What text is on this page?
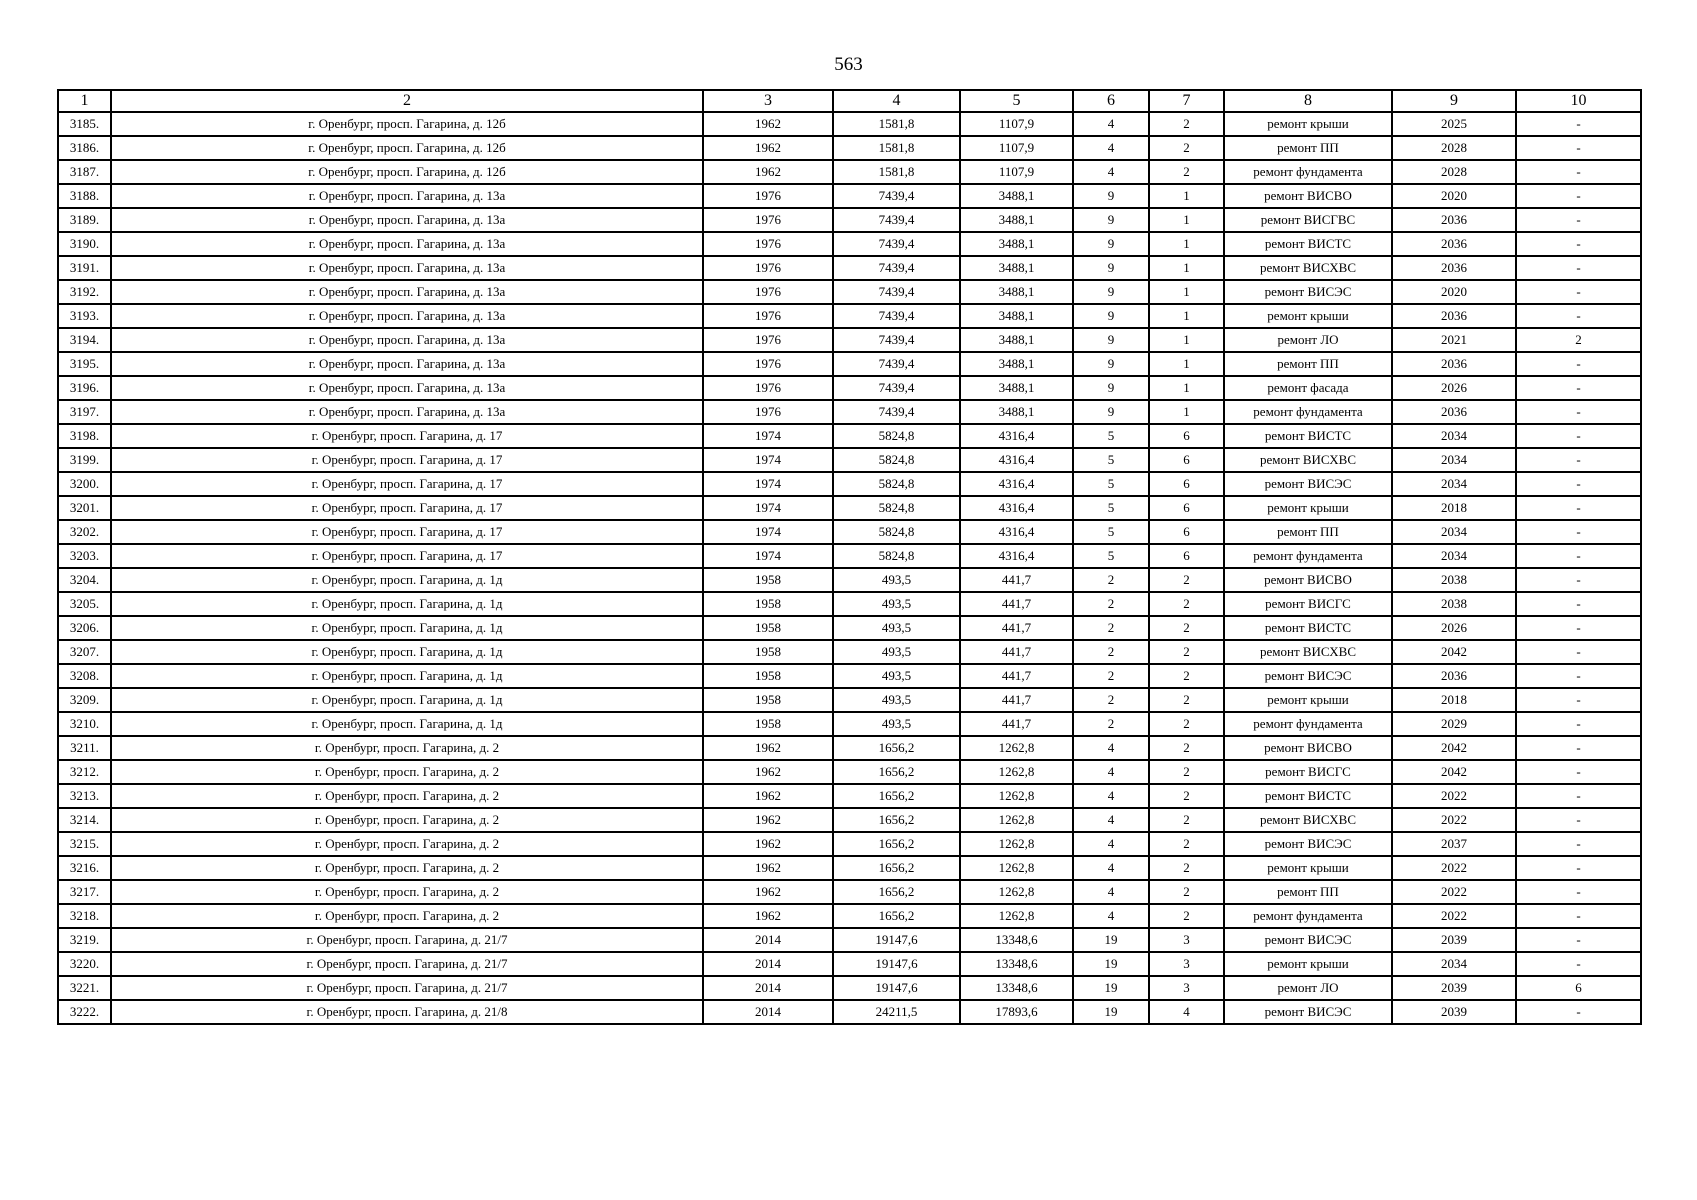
563
1	2	3	4	5	6	7	8	9	10
3185.	г. Оренбург, просп. Гагарина, д. 12б	1962	1581,8	1107,9	4	2	ремонт крыши	2025	-
3186.	г. Оренбург, просп. Гагарина, д. 12б	1962	1581,8	1107,9	4	2	ремонт ПП	2028	-
3187.	г. Оренбург, просп. Гагарина, д. 12б	1962	1581,8	1107,9	4	2	ремонт фундамента	2028	-
3188.	г. Оренбург, просп. Гагарина, д. 13а	1976	7439,4	3488,1	9	1	ремонт ВИСВО	2020	-
3189.	г. Оренбург, просп. Гагарина, д. 13а	1976	7439,4	3488,1	9	1	ремонт ВИСГВС	2036	-
3190.	г. Оренбург, просп. Гагарина, д. 13а	1976	7439,4	3488,1	9	1	ремонт ВИСТС	2036	-
3191.	г. Оренбург, просп. Гагарина, д. 13а	1976	7439,4	3488,1	9	1	ремонт ВИСХВС	2036	-
3192.	г. Оренбург, просп. Гагарина, д. 13а	1976	7439,4	3488,1	9	1	ремонт ВИСЭС	2020	-
3193.	г. Оренбург, просп. Гагарина, д. 13а	1976	7439,4	3488,1	9	1	ремонт крыши	2036	-
3194.	г. Оренбург, просп. Гагарина, д. 13а	1976	7439,4	3488,1	9	1	ремонт ЛО	2021	2
3195.	г. Оренбург, просп. Гагарина, д. 13а	1976	7439,4	3488,1	9	1	ремонт ПП	2036	-
3196.	г. Оренбург, просп. Гагарина, д. 13а	1976	7439,4	3488,1	9	1	ремонт фасада	2026	-
3197.	г. Оренбург, просп. Гагарина, д. 13а	1976	7439,4	3488,1	9	1	ремонт фундамента	2036	-
3198.	г. Оренбург, просп. Гагарина, д. 17	1974	5824,8	4316,4	5	6	ремонт ВИСТС	2034	-
3199.	г. Оренбург, просп. Гагарина, д. 17	1974	5824,8	4316,4	5	6	ремонт ВИСХВС	2034	-
3200.	г. Оренбург, просп. Гагарина, д. 17	1974	5824,8	4316,4	5	6	ремонт ВИСЭС	2034	-
3201.	г. Оренбург, просп. Гагарина, д. 17	1974	5824,8	4316,4	5	6	ремонт крыши	2018	-
3202.	г. Оренбург, просп. Гагарина, д. 17	1974	5824,8	4316,4	5	6	ремонт ПП	2034	-
3203.	г. Оренбург, просп. Гагарина, д. 17	1974	5824,8	4316,4	5	6	ремонт фундамента	2034	-
3204.	г. Оренбург, просп. Гагарина, д. 1д	1958	493,5	441,7	2	2	ремонт ВИСВО	2038	-
3205.	г. Оренбург, просп. Гагарина, д. 1д	1958	493,5	441,7	2	2	ремонт ВИСГС	2038	-
3206.	г. Оренбург, просп. Гагарина, д. 1д	1958	493,5	441,7	2	2	ремонт ВИСТС	2026	-
3207.	г. Оренбург, просп. Гагарина, д. 1д	1958	493,5	441,7	2	2	ремонт ВИСХВС	2042	-
3208.	г. Оренбург, просп. Гагарина, д. 1д	1958	493,5	441,7	2	2	ремонт ВИСЭС	2036	-
3209.	г. Оренбург, просп. Гагарина, д. 1д	1958	493,5	441,7	2	2	ремонт крыши	2018	-
3210.	г. Оренбург, просп. Гагарина, д. 1д	1958	493,5	441,7	2	2	ремонт фундамента	2029	-
3211.	г. Оренбург, просп. Гагарина, д. 2	1962	1656,2	1262,8	4	2	ремонт ВИСВО	2042	-
3212.	г. Оренбург, просп. Гагарина, д. 2	1962	1656,2	1262,8	4	2	ремонт ВИСГС	2042	-
3213.	г. Оренбург, просп. Гагарина, д. 2	1962	1656,2	1262,8	4	2	ремонт ВИСТС	2022	-
3214.	г. Оренбург, просп. Гагарина, д. 2	1962	1656,2	1262,8	4	2	ремонт ВИСХВС	2022	-
3215.	г. Оренбург, просп. Гагарина, д. 2	1962	1656,2	1262,8	4	2	ремонт ВИСЭС	2037	-
3216.	г. Оренбург, просп. Гагарина, д. 2	1962	1656,2	1262,8	4	2	ремонт крыши	2022	-
3217.	г. Оренбург, просп. Гагарина, д. 2	1962	1656,2	1262,8	4	2	ремонт ПП	2022	-
3218.	г. Оренбург, просп. Гагарина, д. 2	1962	1656,2	1262,8	4	2	ремонт фундамента	2022	-
3219.	г. Оренбург, просп. Гагарина, д. 21/7	2014	19147,6	13348,6	19	3	ремонт ВИСЭС	2039	-
3220.	г. Оренбург, просп. Гагарина, д. 21/7	2014	19147,6	13348,6	19	3	ремонт крыши	2034	-
3221.	г. Оренбург, просп. Гагарина, д. 21/7	2014	19147,6	13348,6	19	3	ремонт ЛО	2039	6
3222.	г. Оренбург, просп. Гагарина, д. 21/8	2014	24211,5	17893,6	19	4	ремонт ВИСЭС	2039	-
